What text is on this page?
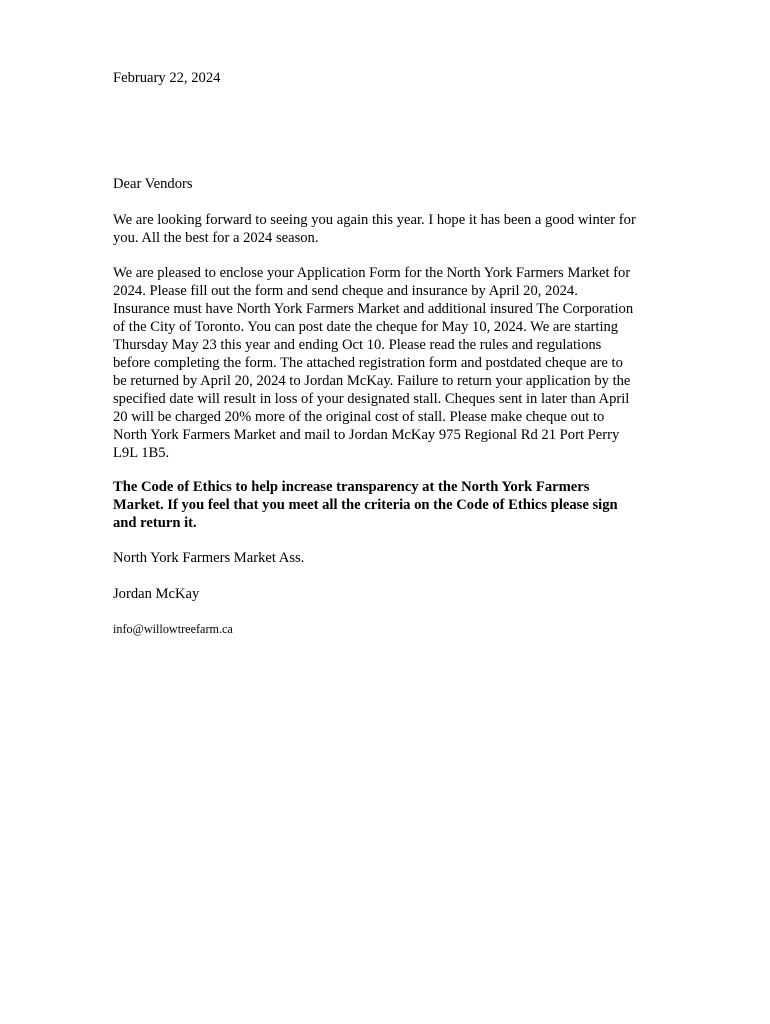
February 22, 2024

Dear Vendors

We are looking forward to seeing you again this year. I hope it has been a good winter for
you. All the best for a 2024 season.

We are pleased to enclose your Application Form for the North York Farmers Market for
2024. Please fill out the form and send cheque and insurance by April 20, 2024.
Insurance must have North York Farmers Market and additional insured The Corporation
of the City of Toronto. You can post date the cheque for May 10, 2024. We are starting
Thursday May 23 this year and ending Oct 10. Please read the rules and regulations
before completing the form. The attached registration form and postdated cheque are to
be returned by April 20, 2024 to Jordan McKay. Failure to return your application by the
specified date will result in loss of your designated stall. Cheques sent in later than April
20 will be charged 20% more of the original cost of stall. Please make cheque out to
North York Farmers Market and mail to Jordan McKay 975 Regional Rd 21 Port Perry
L9L 1B5.

The Code of Ethics to help increase transparency at the North York Farmers
Market. If you feel that you meet all the criteria on the Code of Ethics please sign
and return it.

North York Farmers Market Ass.

Jordan McKay

info@willowtreefarm.ca
